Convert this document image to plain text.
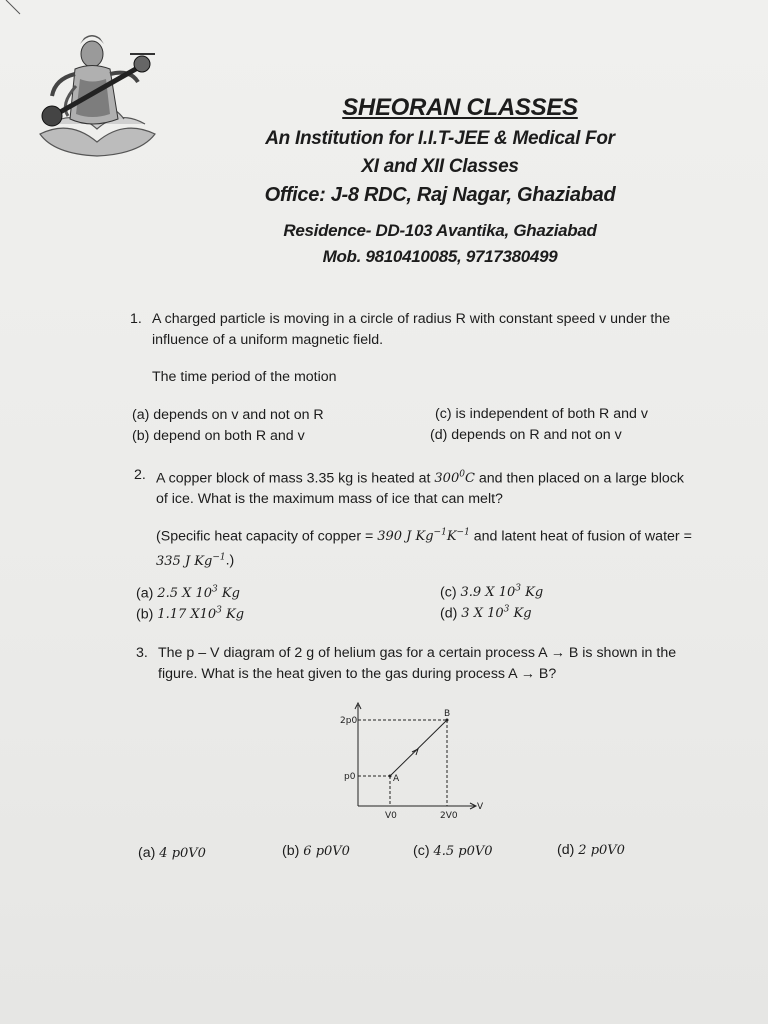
SHEORAN CLASSES
An Institution for I.I.T-JEE & Medical For
XI and XII Classes
Office: J-8 RDC, Raj Nagar, Ghaziabad
Residence- DD-103 Avantika, Ghaziabad
Mob. 9810410085, 9717380499
1. A charged particle is moving in a circle of radius R with constant speed v under the influence of a uniform magnetic field.
The time period of the motion
(a) depends on v and not on R
(b) depend on both R and v
(c) is independent of both R and v
(d) depends on R and not on v
2. A copper block of mass 3.35 kg is heated at $300^0C$ and then placed on a large block of ice. What is the maximum mass of ice that can melt?
(Specific heat capacity of copper = 390 J $Kg^{-1}K^{-1}$ and latent heat of fusion of water = 335 J $Kg^{-1}$.)
(a) 2.5 X $10^3$ Kg
(b) 1.17 $X10^3$ Kg
(c) 3.9 X $10^3$ Kg
(d) 3 X $10^3$ Kg
3. The p – V diagram of 2 g of helium gas for a certain process A → B is shown in the figure. What is the heat given to the gas during process A → B?
2p0
p0	A
B
V0	2V0
V
(a) 4 p0V0	(b) 6 p0V0	(c) 4.5 p0V0	(d) 2 p0V0
